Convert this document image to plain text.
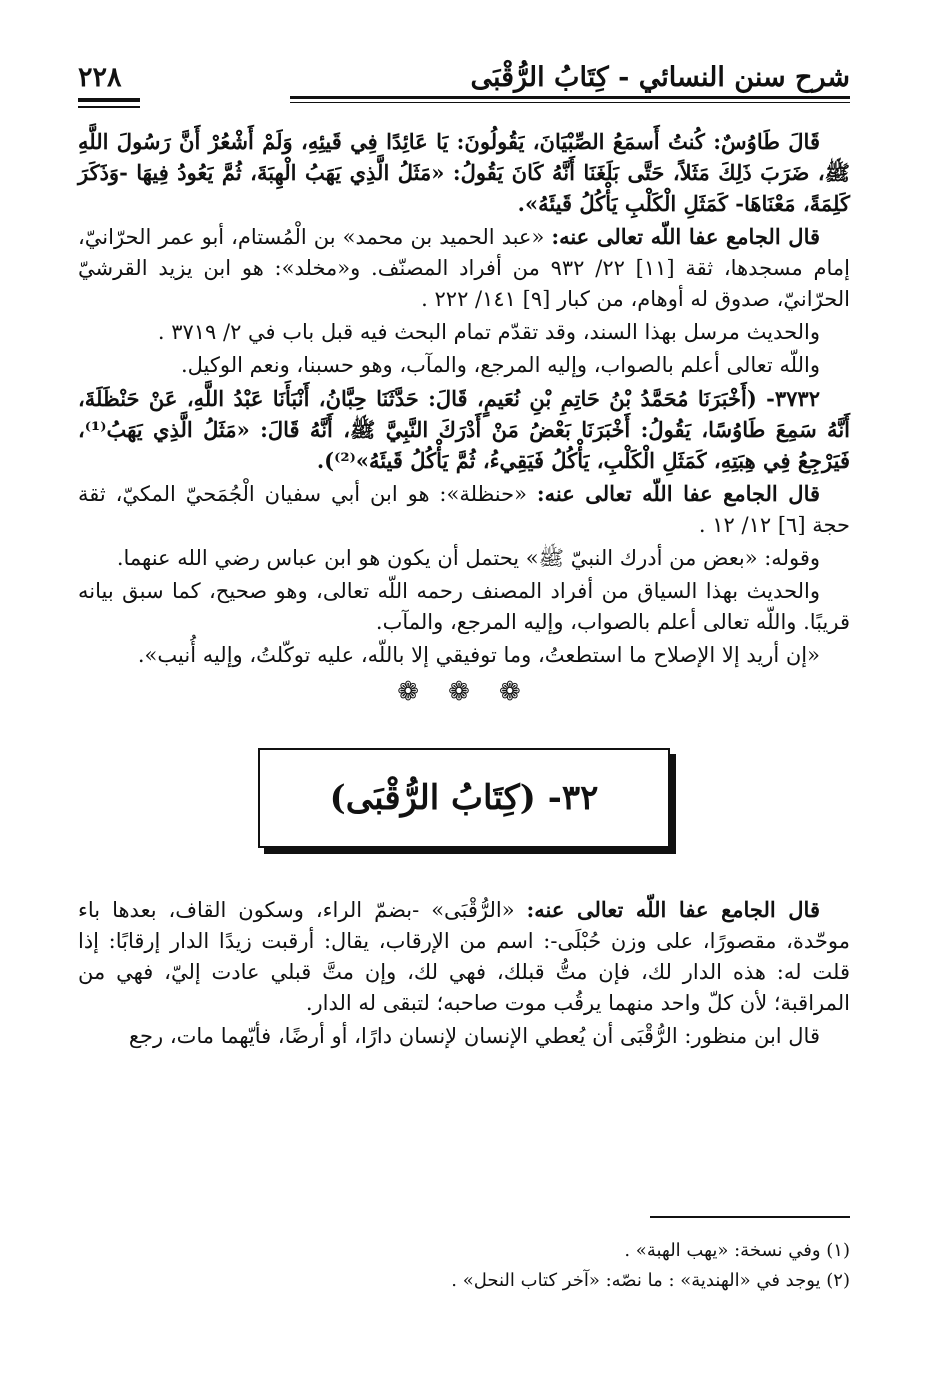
شرح سنن النسائي - كِتَابُ الرُّقْبَى
٢٢٨

قَالَ طَاوُسٌ: كُنتُ أَسمَعُ الصِّبْيَانَ، يَقُولُونَ: يَا عَائِدًا فِي قَيئِهِ، وَلَمْ أَشْعُرْ أَنَّ رَسُولَ اللَّهِ ﷺ، ضَرَبَ ذَلِكَ مَثَلاً، حَتَّى بَلَغَنَا أَنَّهُ كَانَ يَقُولُ: «مَثَلُ الَّذِي يَهَبُ الْهِبَةَ، ثُمَّ يَعُودُ فِيهَا -وَذَكَرَ كَلِمَةً، مَعْنَاهَا- كَمَثَلِ الْكَلْبِ يَأْكُلُ قَيئَهُ».

قال الجامع عفا اللّه تعالى عنه: «عبد الحميد بن محمد» بن الْمُستام، أبو عمر الحرّانيّ، إمام مسجدها، ثقة [١١] ٢٢/ ٩٣٢ من أفراد المصنّف. و«مخلد»: هو ابن يزيد القرشيّ الحرّانيّ، صدوق له أوهام، من كبار [٩] ١٤١/ ٢٢٢ .

والحديث مرسل بهذا السند، وقد تقدّم تمام البحث فيه قبل باب في ٢/ ٣٧١٩ .

واللّه تعالى أعلم بالصواب، وإليه المرجع، والمآب، وهو حسبنا، ونعم الوكيل.

٣٧٣٢- (أَخْبَرَنَا مُحَمَّدُ بْنُ حَاتِمِ بْنِ نُعَيمٍ، قَالَ: حَدَّثَنَا حِبَّانُ، أَنْبَأَنَا عَبْدُ اللَّهِ، عَنْ حَنْظَلَةَ، أَنَّهُ سَمِعَ طَاوُسًا، يَقُولُ: أَخْبَرَنَا بَعْضُ مَنْ أَدْرَكَ النَّبِيَّ ﷺ، أَنَّهُ قَالَ: «مَثَلُ الَّذِي يَهَبُ⁽¹⁾، فَيَرْجِعُ فِي هِبَتِهِ، كَمَثَلِ الْكَلْبِ، يَأْكُلُ فَيَقِيءُ، ثُمَّ يَأْكُلُ قَيئَهُ»⁽²⁾).

قال الجامع عفا اللّه تعالى عنه: «حنظلة»: هو ابن أبي سفيان الْجُمَحيّ المكيّ، ثقة حجة [٦] ١٢/ ١٢ .

وقوله: «بعض من أدرك النبيّ ﷺ» يحتمل أن يكون هو ابن عباس رضي الله عنهما.

والحديث بهذا السياق من أفراد المصنف رحمه اللّه تعالى، وهو صحيح، كما سبق بيانه قريبًا. واللّه تعالى أعلم بالصواب، وإليه المرجع، والمآب.

«إن أريد إلا الإصلاح ما استطعتُ، وما توفيقي إلا باللّه، عليه توكّلتُ، وإليه أُنيب».

❁ ❁ ❁
٣٢- (كِتَابُ الرُّقْبَى)

قال الجامع عفا اللّه تعالى عنه: «الرُّقْبَى» -بضمّ الراء، وسكون القاف، بعدها باء موحّدة، مقصورًا، على وزن حُبْلَى-: اسم من الإرقاب، يقال: أرقبت زيدًا الدار إرقابًا: إذا قلت له: هذه الدار لك، فإن متُّ قبلك، فهي لك، وإن متَّ قبلي عادت إليّ، فهي من المراقبة؛ لأن كلّ واحد منهما يرقُب موت صاحبه؛ لتبقى له الدار.

قال ابن منظور: الرُّقْبَى أن يُعطي الإنسان لإنسان دارًا، أو أرضًا، فأيّهما مات، رجع

(١) وفي نسخة: «يهب الهبة» .

(٢) يوجد في «الهندية» : ما نصّه: «آخر كتاب النحل» .
